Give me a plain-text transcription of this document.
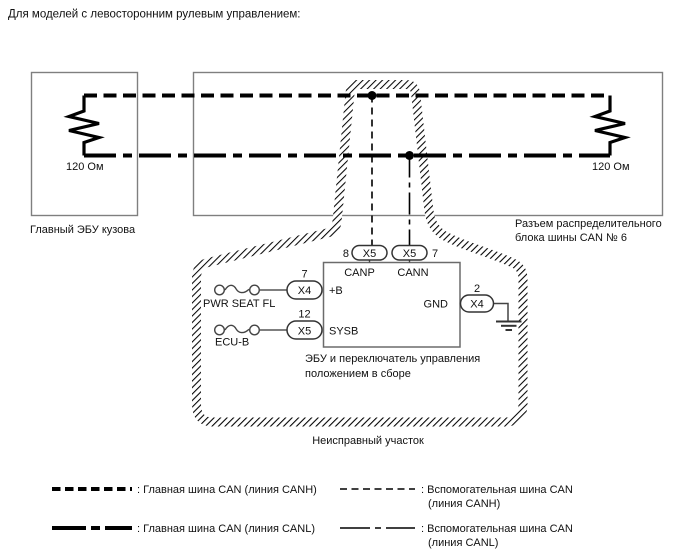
Для моделей с левосторонним рулевым управлением:
120 Ом	120 Ом
Главный ЭБУ кузова	Разъем распределительного
блока шины CAN № 6
8 X5 X5 7
7
X4
12
X5
2
X4
CANP CANN
+B
SYSB
GND
PWR SEAT FL
ECU-B
ЭБУ и переключатель управления
положением в сборе
Неисправный участок
: Главная шина CAN (линия CANH)
: Главная шина CAN (линия CANL)
: Вспомогательная шина CAN
(линия CANH)
: Вспомогательная шина CAN
(линия CANL)
